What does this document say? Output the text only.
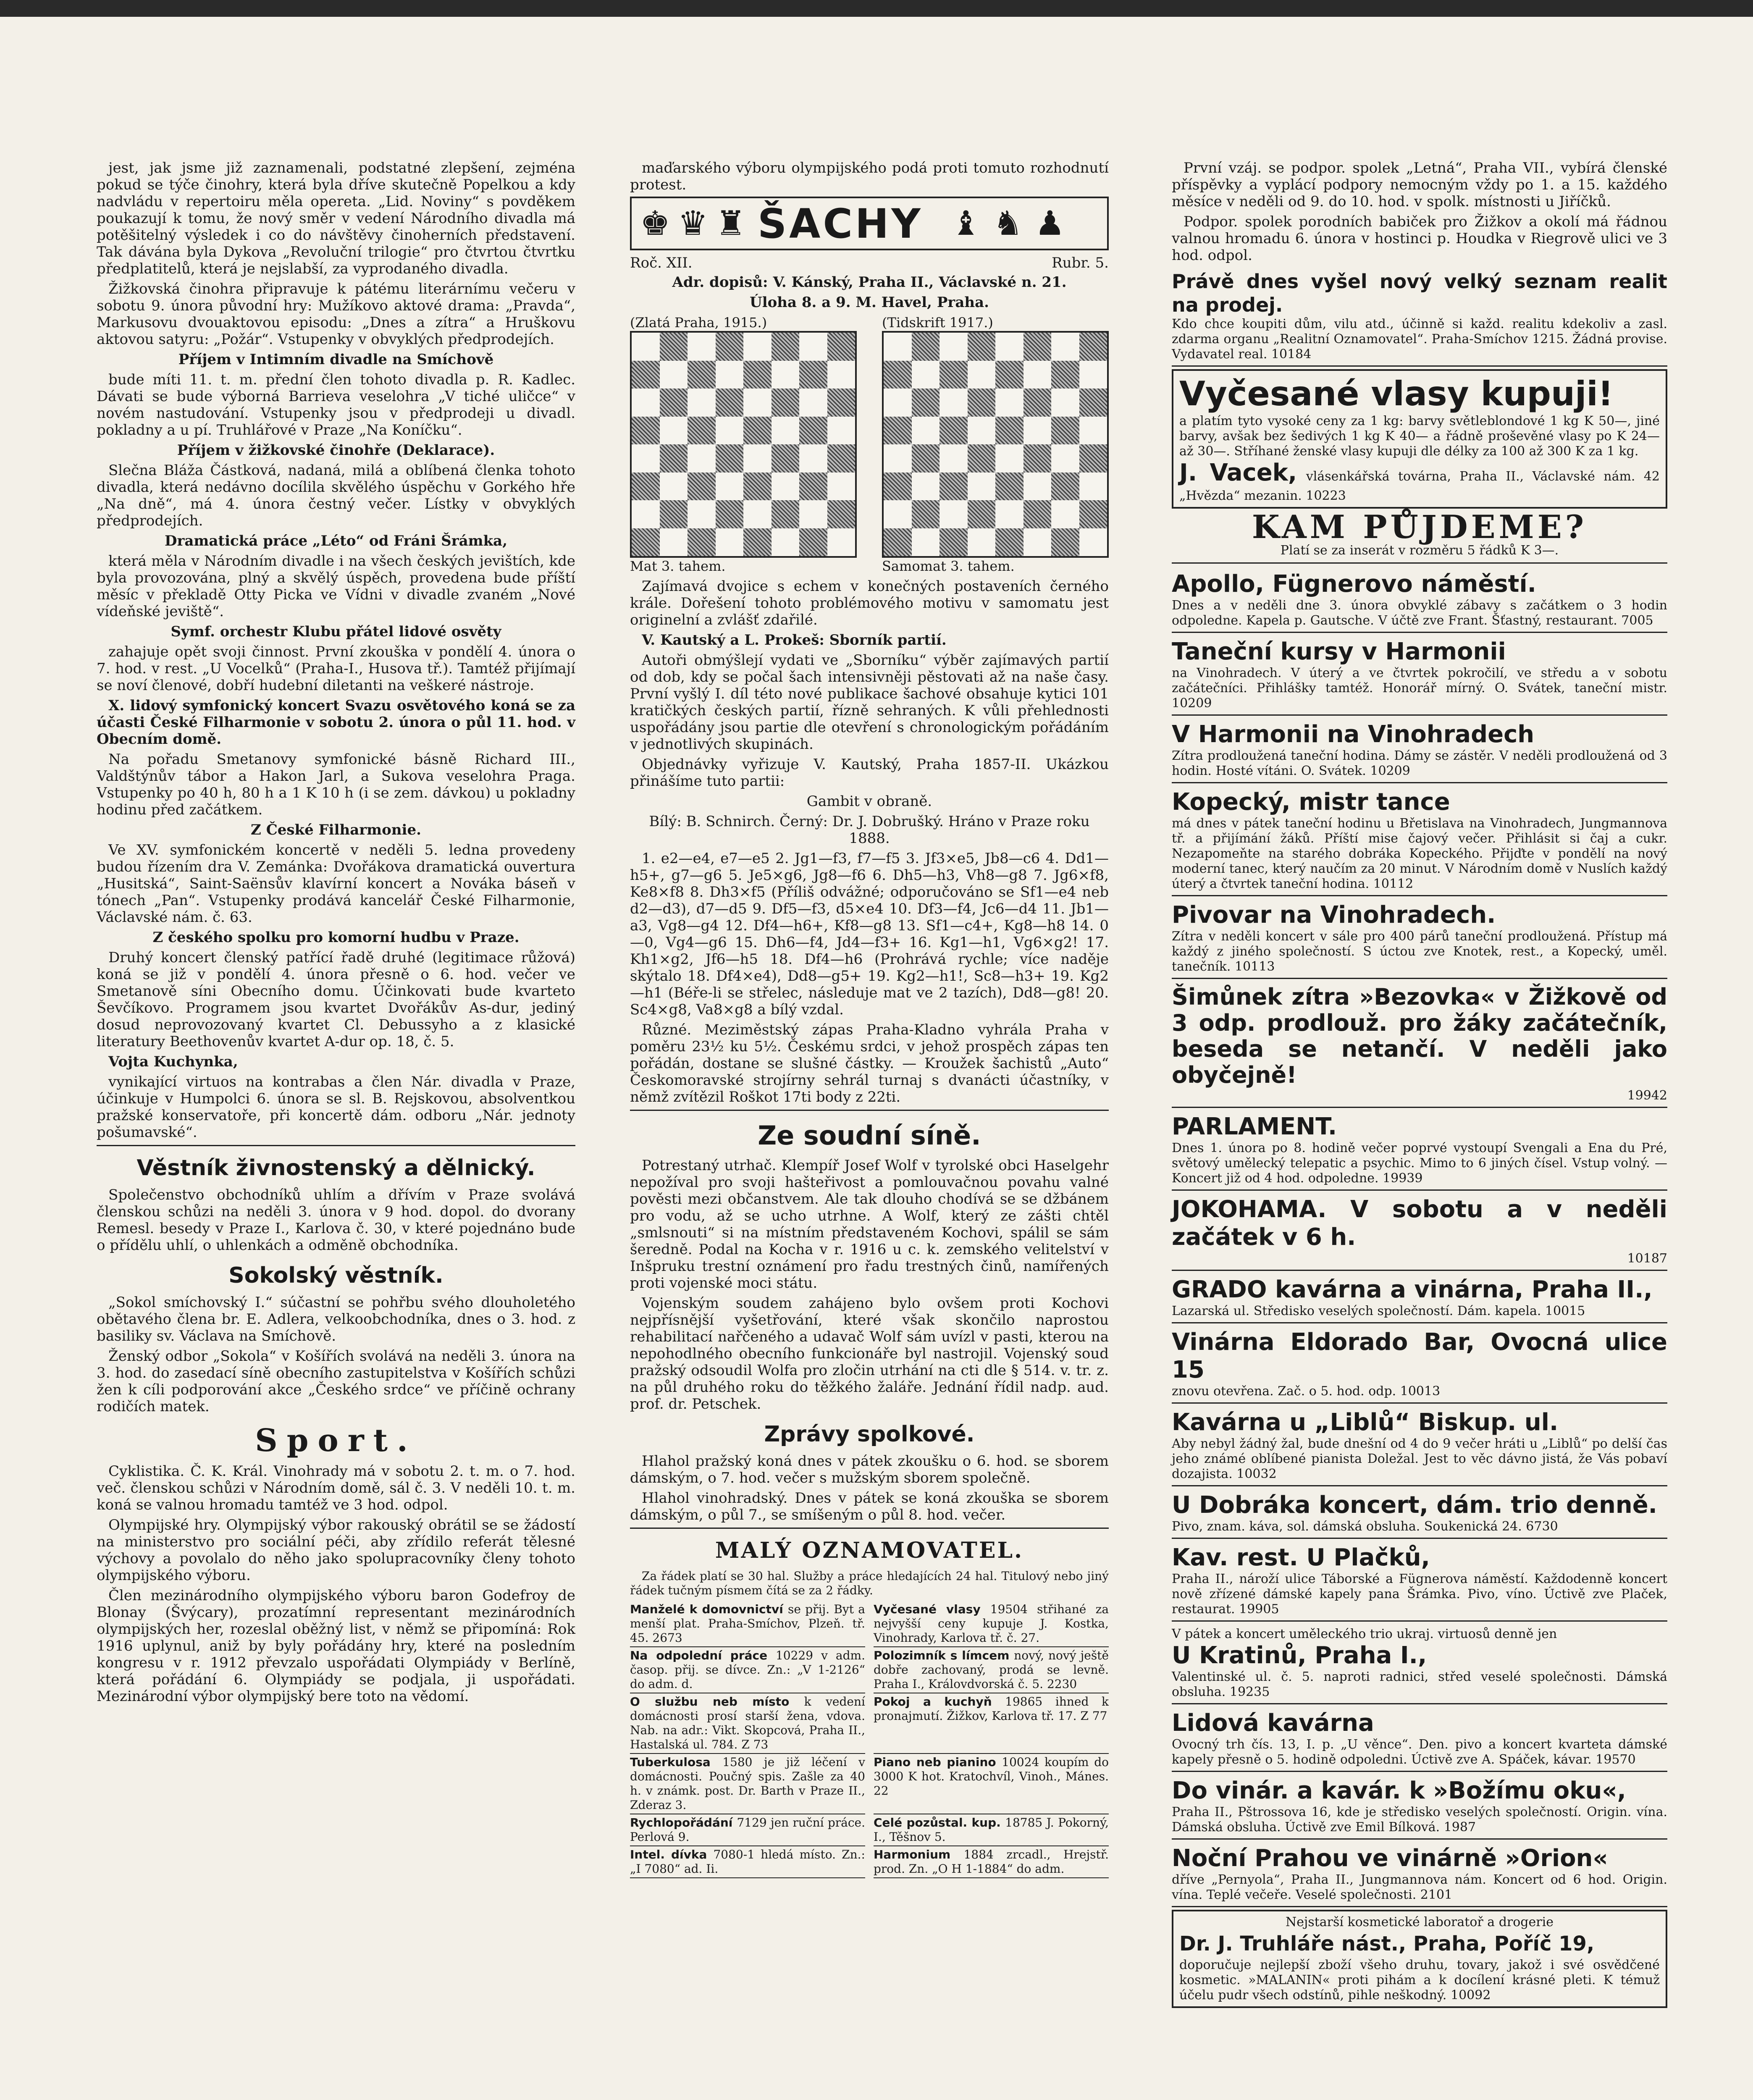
jest, jak jsme již zaznamenali, podstatné zlepšení, zejména pokud se týče činohry, která byla dříve skutečně Popelkou a kdy nadvládu v repertoiru měla opereta. „Lid. Noviny“ s povděkem poukazují k tomu, že nový směr v vedení Národního divadla má potěšitelný výsledek i co do návštěvy činoherních představení. Tak dávána byla Dykova „Revoluční trilogie“ pro čtvrtou čtvrtku předplatitelů, která je nejslabší, za vyprodaného divadla.

Žižkovská činohra připravuje k pátému literárnímu večeru v sobotu 9. února původní hry: Mužíkovo aktové drama: „Pravda“, Markusovu dvouaktovou episodu: „Dnes a zítra“ a Hruškovu aktovou satyru: „Požár“. Vstupenky v obvyklých předprodejích.

Příjem v Intimním divadle na Smíchově

bude míti 11. t. m. přední člen tohoto divadla p. R. Kadlec. Dávati se bude výborná Barrieva veselohra „V tiché uličce“ v novém nastudování. Vstupenky jsou v předprodeji u divadl. pokladny a u pí. Truhlářové v Praze „Na Koníčku“.

Příjem v žižkovské činohře (Deklarace).

Slečna Bláža Částková, nadaná, milá a oblíbená členka tohoto divadla, která nedávno docílila skvělého úspěchu v Gorkého hře „Na dně“, má 4. února čestný večer. Lístky v obvyklých předprodejích.

Dramatická práce „Léto“ od Fráni Šrámka,

která měla v Národním divadle i na všech českých jevištích, kde byla provozována, plný a skvělý úspěch, provedena bude příští měsíc v překladě Otty Picka ve Vídni v divadle zvaném „Nové vídeňské jeviště“.

Symf. orchestr Klubu přátel lidové osvěty

zahajuje opět svoji činnost. První zkouška v pondělí 4. února o 7. hod. v rest. „U Vocelků“ (Praha-I., Husova tř.). Tamtéž přijímají se noví členové, dobří hudební diletanti na veškeré nástroje.

X. lidový symfonický koncert Svazu osvětového koná se za účasti České Filharmonie v sobotu 2. února o půl 11. hod. v Obecním domě.

Na pořadu Smetanovy symfonické básně Richard III., Valdštýnův tábor a Hakon Jarl, a Sukova veselohra Praga. Vstupenky po 40 h, 80 h a 1 K 10 h (i se zem. dávkou) u pokladny hodinu před začátkem.

Z České Filharmonie.

Ve XV. symfonickém koncertě v neděli 5. ledna provedeny budou řízením dra V. Zemánka: Dvořákova dramatická ouvertura „Husitská“, Saint-Saënsův klavírní koncert a Nováka báseň v tónech „Pan“. Vstupenky prodává kancelář České Filharmonie, Václavské nám. č. 63.

Z českého spolku pro komorní hudbu v Praze.

Druhý koncert členský patřící řadě druhé (legitimace růžová) koná se již v pondělí 4. února přesně o 6. hod. večer ve Smetanově síni Obecního domu. Účinkovati bude kvarteto Ševčíkovo. Programem jsou kvartet Dvořákův As-dur, jediný dosud neprovozovaný kvartet Cl. Debussyho a z klasické literatury Beethovenův kvartet A-dur op. 18, č. 5.

Vojta Kuchynka,

vynikající virtuos na kontrabas a člen Nár. divadla v Praze, účinkuje v Humpolci 6. února se sl. B. Rejskovou, absolventkou pražské konservatoře, při koncertě dám. odboru „Nár. jednoty pošumavské“.

Věstník živnostenský a dělnický.

Společenstvo obchodníků uhlím a dřívím v Praze svolává členskou schůzi na neděli 3. února v 9 hod. dopol. do dvorany Remesl. besedy v Praze I., Karlova č. 30, v které pojednáno bude o přídělu uhlí, o uhlenkách a odměně obchodníka.

Sokolský věstník.

„Sokol smíchovský I.“ súčastní se pohřbu svého dlouholetého obětavého člena br. E. Adlera, velkoobchodníka, dnes o 3. hod. z basiliky sv. Václava na Smíchově.

Ženský odbor „Sokola“ v Košířích svolává na neděli 3. února na 3. hod. do zasedací síně obecního zastupitelstva v Košířích schůzi žen k cíli podporování akce „Českého srdce“ ve příčině ochrany rodičích matek.

Sport.

Cyklistika. Č. K. Král. Vinohrady má v sobotu 2. t. m. o 7. hod. več. členskou schůzi v Národním domě, sál č. 3. V neděli 10. t. m. koná se valnou hromadu tamtéž ve 3 hod. odpol.

Olympijské hry. Olympijský výbor rakouský obrátil se se žádostí na ministerstvo pro sociální péči, aby zřídilo referát tělesné výchovy a povolalo do něho jako spolupracovníky členy tohoto olympijského výboru.

Člen mezinárodního olympijského výboru baron Godefroy de Blonay (Švýcary), prozatímní representant mezinárodních olympijských her, rozeslal oběžný list, v němž se připomíná: Rok 1916 uplynul, aniž by byly pořádány hry, které na posledním kongresu v r. 1912 převzalo uspořádati Olympiády v Berlíně, která pořádání 6. Olympiády se podjala, ji uspořádati. Mezinárodní výbor olympijský bere toto na vědomí.

maďarského výboru olympijského podá proti tomuto rozhodnutí protest.

♚ ♛ ♜ ŠACHY ♝ ♞ ♟
Roč. XII.	Rubr. 5.

Adr. dopisů: V. Kánský, Praha II., Václavské n. 21.

Úloha 8. a 9. M. Havel, Praha.

(Zlatá Praha, 1915.)
Mat 3. tahem.
(Tidskrift 1917.)
Samomat 3. tahem.

Zajímavá dvojice s echem v konečných postaveních černého krále. Dořešení tohoto problémového motivu v samomatu jest originelní a zvlášť zdařilé.

V. Kautský a L. Prokeš: Sborník partií.

Autoři obmýšlejí vydati ve „Sborníku“ výběr zajímavých partií od dob, kdy se počal šach intensivněji pěstovati až na naše časy. První vyšlý I. díl této nové publikace šachové obsahuje kytici 101 kratičkých českých partií, řízně sehraných. K vůli přehlednosti uspořádány jsou partie dle otevření s chronologickým pořádáním v jednotlivých skupinách.

Objednávky vyřizuje V. Kautský, Praha 1857-II. Ukázkou přinášíme tuto partii:

Gambit v obraně.

Bílý: B. Schnirch. Černý: Dr. J. Dobrušký. Hráno v Praze roku 1888.

1. e2—e4, e7—e5 2. Jg1—f3, f7—f5 3. Jf3×e5, Jb8—c6 4. Dd1—h5+, g7—g6 5. Je5×g6, Jg8—f6 6. Dh5—h3, Vh8—g8 7. Jg6×f8, Ke8×f8 8. Dh3×f5 (Příliš odvážné; odporučováno se Sf1—e4 neb d2—d3), d7—d5 9. Df5—f3, d5×e4 10. Df3—f4, Jc6—d4 11. Jb1—a3, Vg8—g4 12. Df4—h6+, Kf8—g8 13. Sf1—c4+, Kg8—h8 14. 0—0, Vg4—g6 15. Dh6—f4, Jd4—f3+ 16. Kg1—h1, Vg6×g2! 17. Kh1×g2, Jf6—h5 18. Df4—h6 (Prohrává rychle; více naděje skýtalo 18. Df4×e4), Dd8—g5+ 19. Kg2—h1!, Sc8—h3+ 19. Kg2—h1 (Béře-li se střelec, následuje mat ve 2 tazích), Dd8—g8! 20. Sc4×g8, Va8×g8 a bílý vzdal.

Různé. Meziměstský zápas Praha-Kladno vyhrála Praha v poměru 23½ ku 5½. Českému srdci, v jehož prospěch zápas ten pořádán, dostane se slušné částky. — Kroužek šachistů „Auto“ Českomoravské strojírny sehrál turnaj s dvanácti účastníky, v němž zvítězil Roškot 17ti body z 22ti.

Ze soudní síně.

Potrestaný utrhač. Klempíř Josef Wolf v tyrolské obci Haselgehr nepožíval pro svoji hašteřivost a pomlouvačnou povahu valné pověsti mezi občanstvem. Ale tak dlouho chodívá se se džbánem pro vodu, až se ucho utrhne. A Wolf, který ze zášti chtěl „smlsnouti“ si na místním představeném Kochovi, spálil se sám šeredně. Podal na Kocha v r. 1916 u c. k. zemského velitelství v Inšpruku trestní oznámení pro řadu trestných činů, namířených proti vojenské moci státu.

Vojenským soudem zahájeno bylo ovšem proti Kochovi nejpřísnější vyšetřování, které však skončilo naprostou rehabilitací nařčeného a udavač Wolf sám uvízl v pasti, kterou na nepohodlného obecního funkcionáře byl nastrojil. Vojenský soud pražský odsoudil Wolfa pro zločin utrhání na cti dle § 514. v. tr. z. na půl druhého roku do těžkého žaláře. Jednání řídil nadp. aud. prof. dr. Petschek.

Zprávy spolkové.

Hlahol pražský koná dnes v pátek zkoušku o 6. hod. se sborem dámským, o 7. hod. večer s mužským sborem společně.

Hlahol vinohradský. Dnes v pátek se koná zkouška se sborem dámským, o půl 7., se smíšeným o půl 8. hod. večer.

MALÝ OZNAMOVATEL.

Za řádek platí se 30 hal. Služby a práce hledajících 24 hal. Titulový nebo jiný řádek tučným písmem čítá se za 2 řádky.

Manželé k domovnictví se přij. Byt a menší plat. Praha-Smíchov, Plzeň. tř. 45. 2673
Vyčesané vlasy 19504 střihané za nejvyšší ceny kupuje J. Kostka, Vinohrady, Karlova tř. č. 27.
Na odpolední práce 10229 v adm. časop. přij. se dívce. Zn.: „V 1-2126“ do adm. d.
Polozimník s límcem nový, nový ještě dobře zachovaný, prodá se levně. Praha I., Královdvorská č. 5. 2230
O službu neb místo k vedení domácnosti prosí starší žena, vdova. Nab. na adr.: Vikt. Skopcová, Praha II., Hastalská ul. 784. Z 73
Pokoj a kuchyň 19865 ihned k pronajmutí. Žižkov, Karlova tř. 17. Z 77
Tuberkulosa 1580 je již léčení v domácnosti. Poučný spis. Zašle za 40 h. v známk. post. Dr. Barth v Praze II., Zderaz 3.
Piano neb pianino 10024 koupím do 3000 K hot. Kratochvíl, Vinoh., Mánes. 22
Rychlopořádání 7129 jen ruční práce. Perlová 9.
Celé pozůstal. kup. 18785 J. Pokorný, I., Těšnov 5.
Intel. dívka 7080-1 hledá místo. Zn.: „I 7080“ ad. Ii.
Harmonium 1884 zrcadl., Hrejstř. prod. Zn. „O H 1-1884“ do adm.

První vzáj. se podpor. spolek „Letná“, Praha VII., vybírá členské příspěvky a vyplácí podpory nemocným vždy po 1. a 15. každého měsíce v neděli od 9. do 10. hod. v spolk. místnosti u Jiříčků.

Podpor. spolek porodních babiček pro Žižkov a okolí má řádnou valnou hromadu 6. února v hostinci p. Houdka v Riegrově ulici ve 3 hod. odpol.

Právě dnes vyšel nový velký seznam realit na prodej.
Kdo chce koupiti dům, vilu atd., účinně si každ. realitu kdekoliv a zasl. zdarma organu „Realitní Oznamovatel“. Praha-Smíchov 1215. Žádná provise. Vydavatel real. 10184
Vyčesané vlasy kupuji!
a platím tyto vysoké ceny za 1 kg: barvy světleblondové 1 kg K 50—, jiné barvy, avšak bez šedivých 1 kg K 40— a řádně proševěné vlasy po K 24— až 30—. Stříhané ženské vlasy kupuji dle délky za 100 až 300 K za 1 kg.
J. Vacek, vlásenkářská továrna, Praha II., Václavské nám. 42 „Hvězda“ mezanin. 10223
KAM PŮJDEME?
Platí se za inserát v rozměru 5 řádků K 3—.
Apollo, Fügnerovo náměstí.
Dnes a v neděli dne 3. února obvyklé zábavy s začátkem o 3 hodin odpoledne. Kapela p. Gautsche. V účtě zve Frant. Šťastný, restaurant. 7005
Taneční kursy v Harmonii
na Vinohradech. V úterý a ve čtvrtek pokročilí, ve středu a v sobotu začátečníci. Přihlášky tamtéž. Honorář mírný. O. Svátek, taneční mistr. 10209
V Harmonii na Vinohradech
Zítra prodloužená taneční hodina. Dámy se zástěr. V neděli prodloužená od 3 hodin. Hosté vítáni. O. Svátek. 10209
Kopecký, mistr tance
má dnes v pátek taneční hodinu u Břetislava na Vinohradech, Jungmannova tř. a přijímání žáků. Příští mise čajový večer. Přihlásit si čaj a cukr. Nezapomeňte na starého dobráka Kopeckého. Přijďte v pondělí na nový moderní tanec, který naučím za 20 minut. V Národním domě v Nuslích každý úterý a čtvrtek taneční hodina. 10112
Pivovar na Vinohradech.
Zítra v neděli koncert v sále pro 400 párů taneční prodloužená. Přístup má každý z jiného společností. S úctou zve Knotek, rest., a Kopecký, uměl. tanečník. 10113
Šimůnek zítra »Bezovka« v Žižkově od 3 odp. prodlouž. pro žáky začátečník, beseda se netančí. V neděli jako obyčejně!
19942
PARLAMENT.
Dnes 1. února po 8. hodině večer poprvé vystoupí Svengali a Ena du Pré, světový umělecký telepatic a psychic. Mimo to 6 jiných čísel. Vstup volný. — Koncert již od 4 hod. odpoledne. 19939
JOKOHAMA. V sobotu a v neděli začátek v 6 h.
10187
GRADO kavárna a vinárna, Praha II.,
Lazarská ul. Středisko veselých společností. Dám. kapela. 10015
Vinárna Eldorado Bar, Ovocná ulice 15
znovu otevřena. Zač. o 5. hod. odp. 10013
Kavárna u „Liblů“ Biskup. ul.
Aby nebyl žádný žal, bude dnešní od 4 do 9 večer hráti u „Liblů“ po delší čas jeho známé oblíbené pianista Doležal. Jest to věc dávno jistá, že Vás pobaví dozajista. 10032
U Dobráka koncert, dám. trio denně.
Pivo, znam. káva, sol. dámská obsluha. Soukenická 24. 6730
Kav. rest. U Plačků,
Praha II., nároží ulice Táborské a Fügnerova náměstí. Každodenně koncert nově zřízené dámské kapely pana Šrámka. Pivo, víno. Úctivě zve Plaček, restaurat. 19905
V pátek a koncert uměleckého trio ukraj. virtuosů denně jen
U Kratinů, Praha I.,
Valentinské ul. č. 5. naproti radnici, střed veselé společnosti. Dámská obsluha. 19235
Lidová kavárna
Ovocný trh čís. 13, I. p. „U věnce“. Den. pivo a koncert kvarteta dámské kapely přesně o 5. hodině odpoledni. Úctivě zve A. Spáček, kávar. 19570
Do vinár. a kavár. k »Božímu oku«,
Praha II., Pštrossova 16, kde je středisko veselých společností. Origin. vína. Dámská obsluha. Úctivě zve Emil Bílková. 1987
Noční Prahou ve vinárně »Orion«
dříve „Pernyola“, Praha II., Jungmannova nám. Koncert od 6 hod. Origin. vína. Teplé večeře. Veselé společnosti. 2101
Nejstarší kosmetické laboratoř a drogerie
Dr. J. Truhláře nást., Praha, Poříč 19,
doporučuje nejlepší zboží všeho druhu, tovary, jakož i své osvědčené kosmetic. »MALANIN« proti pihám a k docílení krásné pleti. K témuž účelu pudr všech odstínů, pihle neškodný. 10092
